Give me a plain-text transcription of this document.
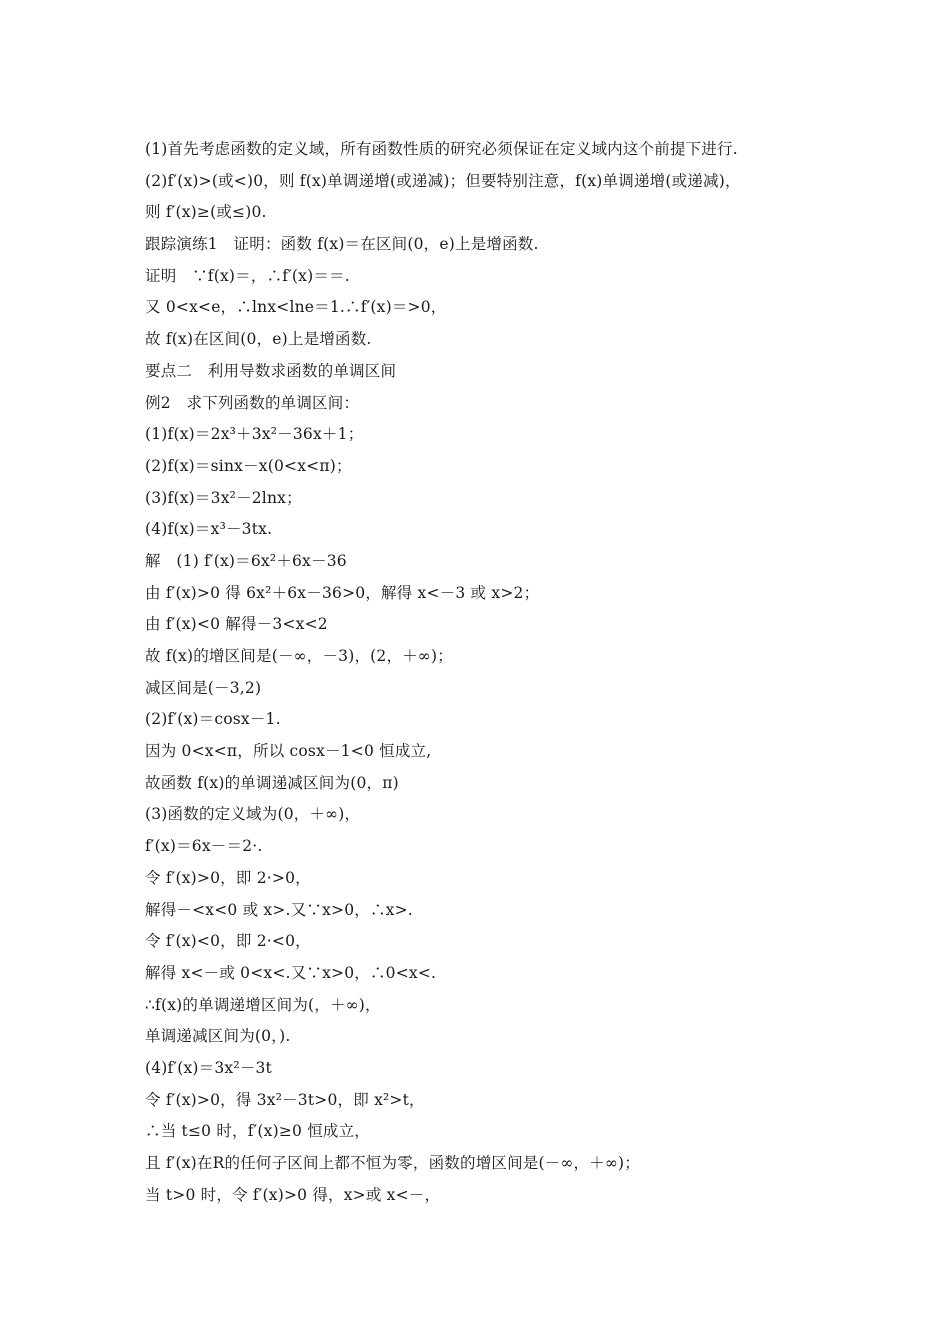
(1)首先考虑函数的定义域，所有函数性质的研究必须保证在定义域内这个前提下进行.
(2)f′(x)>(或<)0，则 f(x)单调递增(或递减)；但要特别注意，f(x)单调递增(或递减)，
则 f′(x)≥(或≤)0.
跟踪演练1　证明：函数 f(x)＝在区间(0，e)上是增函数.
证明　∵f(x)＝，∴f′(x)＝＝.
又 0<x<e，∴lnx<lne＝1.∴f′(x)＝>0，
故 f(x)在区间(0，e)上是增函数.
要点二　利用导数求函数的单调区间
例2　求下列函数的单调区间：
(1)f(x)＝2x³＋3x²－36x＋1；
(2)f(x)＝sinx－x(0<x<π)；
(3)f(x)＝3x²－2lnx；
(4)f(x)＝x³－3tx.
解　(1) f′(x)＝6x²＋6x－36
由 f′(x)>0 得 6x²＋6x－36>0，解得 x<－3 或 x>2；
由 f′(x)<0 解得－3<x<2
故 f(x)的增区间是(－∞，－3)，(2，＋∞)；
减区间是(－3,2)
(2)f′(x)＝cosx－1.
因为 0<x<π，所以 cosx－1<0 恒成立,
故函数 f(x)的单调递减区间为(0，π)
(3)函数的定义域为(0，＋∞)，
f′(x)＝6x－＝2·.
令 f′(x)>0，即 2·>0，
解得－<x<0 或 x>.又∵x>0，∴x>.
令 f′(x)<0，即 2·<0，
解得 x<－或 0<x<.又∵x>0，∴0<x<.
∴f(x)的单调递增区间为(，＋∞)，
单调递减区间为(0，).
(4)f′(x)＝3x²－3t
令 f′(x)>0，得 3x²－3t>0，即 x²>t，
∴当 t≤0 时，f′(x)≥0 恒成立，
且 f′(x)在R的任何子区间上都不恒为零，函数的增区间是(－∞，＋∞)；
当 t>0 时，令 f′(x)>0 得，x>或 x<－，
